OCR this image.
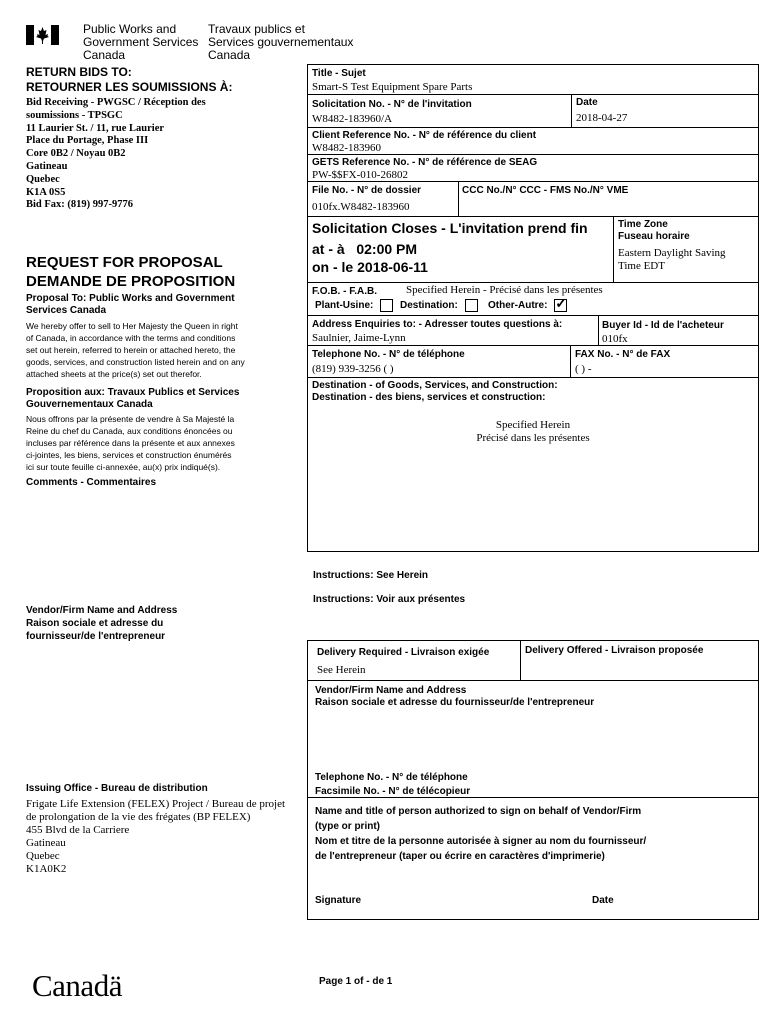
Public Works and
Government Services
Canada
Travaux publics et
Services gouvernementaux
Canada
RETURN BIDS TO:
RETOURNER LES SOUMISSIONS À:
Bid Receiving - PWGSC / Réception des
soumissions - TPSGC
11 Laurier St. / 11, rue Laurier
Place du Portage, Phase III
Core 0B2 / Noyau 0B2
Gatineau
Quebec
K1A 0S5
Bid Fax: (819) 997-9776
REQUEST FOR PROPOSAL
DEMANDE DE PROPOSITION
Proposal To: Public Works and Government
Services Canada
We hereby offer to sell to Her Majesty the Queen in right
of Canada, in accordance with the terms and conditions
set out herein, referred to herein or attached hereto, the
goods, services, and construction listed herein and on any
attached sheets at the price(s) set out therefor.
Proposition aux: Travaux Publics et Services
Gouvernementaux Canada
Nous offrons par la présente de vendre à Sa Majesté la
Reine du chef du Canada, aux conditions énoncées ou
incluses par référence dans la présente et aux annexes
ci-jointes, les biens, services et construction énumérés
ici sur toute feuille ci-annexée, au(x) prix indiqué(s).
Comments - Commentaires
Vendor/Firm Name and Address
Raison sociale et adresse du
fournisseur/de l'entrepreneur
Issuing Office - Bureau de distribution
Frigate Life Extension (FELEX) Project / Bureau de projet
de prolongation de la vie des frégates (BP FELEX)
455 Blvd de la Carriere
Gatineau
Quebec
K1A0K2
Title - Sujet
Smart-S Test Equipment Spare Parts
Solicitation No. - N° de l'invitation
W8482-183960/A
Date
2018-04-27
Client Reference No. - N° de référence du client
W8482-183960
GETS Reference No. - N° de référence de SEAG
PW-$$FX-010-26802
File No. - N° de dossier
010fx.W8482-183960
CCC No./N° CCC - FMS No./N° VME
Solicitation Closes - L'invitation prend fin
at - à 02:00 PM
on - le 2018-06-11
Time Zone
Fuseau horaire
Eastern Daylight Saving
Time EDT
F.O.B. - F.A.B.	Specified Herein - Précisé dans les présentes
Plant-Usine:	Destination:	Other-Autre: ✓
Address Enquiries to: - Adresser toutes questions à:
Saulnier, Jaime-Lynn
Buyer Id - Id de l'acheteur
010fx
Telephone No. - N° de téléphone
(819) 939-3256 ( )
FAX No. - N° de FAX
( ) -
Destination - of Goods, Services, and Construction:
Destination - des biens, services et construction:
Specified Herein
Précisé dans les présentes
Instructions: See Herein
Instructions: Voir aux présentes
Delivery Required - Livraison exigée
See Herein
Delivery Offered - Livraison proposée
Vendor/Firm Name and Address
Raison sociale et adresse du fournisseur/de l'entrepreneur
Telephone No. - N° de téléphone
Facsimile No. - N° de télécopieur
Name and title of person authorized to sign on behalf of Vendor/Firm
(type or print)
Nom et titre de la personne autorisée à signer au nom du fournisseur/
de l'entrepreneur (taper ou écrire en caractères d'imprimerie)
Signature	Date
Canadä	Page 1 of - de 1
